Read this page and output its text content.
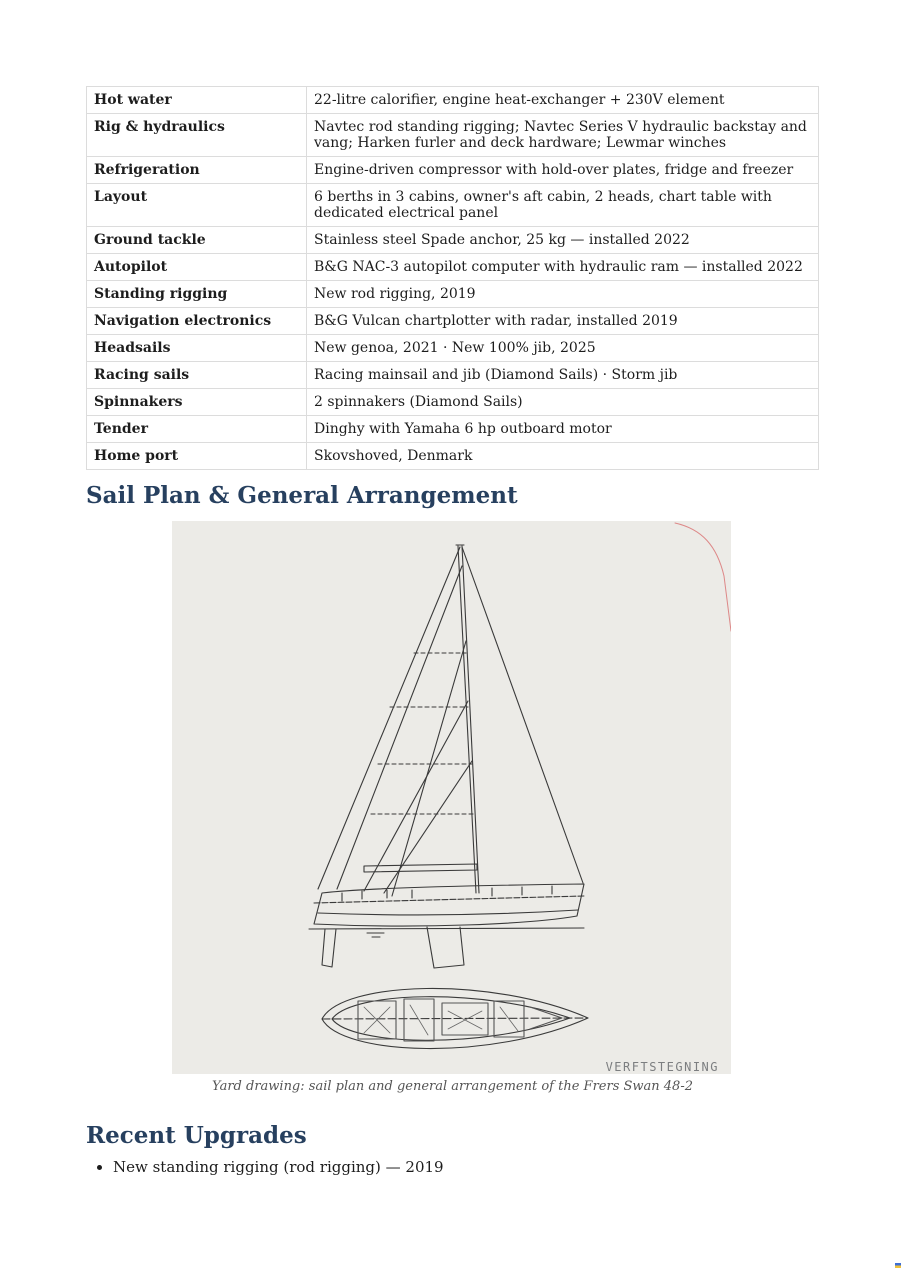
Hot water	22-litre calorifier, engine heat-exchanger + 230V element
Rig & hydraulics	Navtec rod standing rigging; Navtec Series V hydraulic backstay and vang; Harken furler and deck hardware; Lewmar winches
Refrigeration	Engine-driven compressor with hold-over plates, fridge and freezer
Layout	6 berths in 3 cabins, owner's aft cabin, 2 heads, chart table with dedicated electrical panel
Ground tackle	Stainless steel Spade anchor, 25 kg — installed 2022
Autopilot	B&G NAC-3 autopilot computer with hydraulic ram — installed 2022
Standing rigging	New rod rigging, 2019
Navigation electronics	B&G Vulcan chartplotter with radar, installed 2019
Headsails	New genoa, 2021 · New 100% jib, 2025
Racing sails	Racing mainsail and jib (Diamond Sails) · Storm jib
Spinnakers	2 spinnakers (Diamond Sails)
Tender	Dinghy with Yamaha 6 hp outboard motor
Home port	Skovshoved, Denmark
Sail Plan & General Arrangement
VERFTSTEGNING
Yard drawing: sail plan and general arrangement of the Frers Swan 48-2
Recent Upgrades
• New standing rigging (rod rigging) — 2019
